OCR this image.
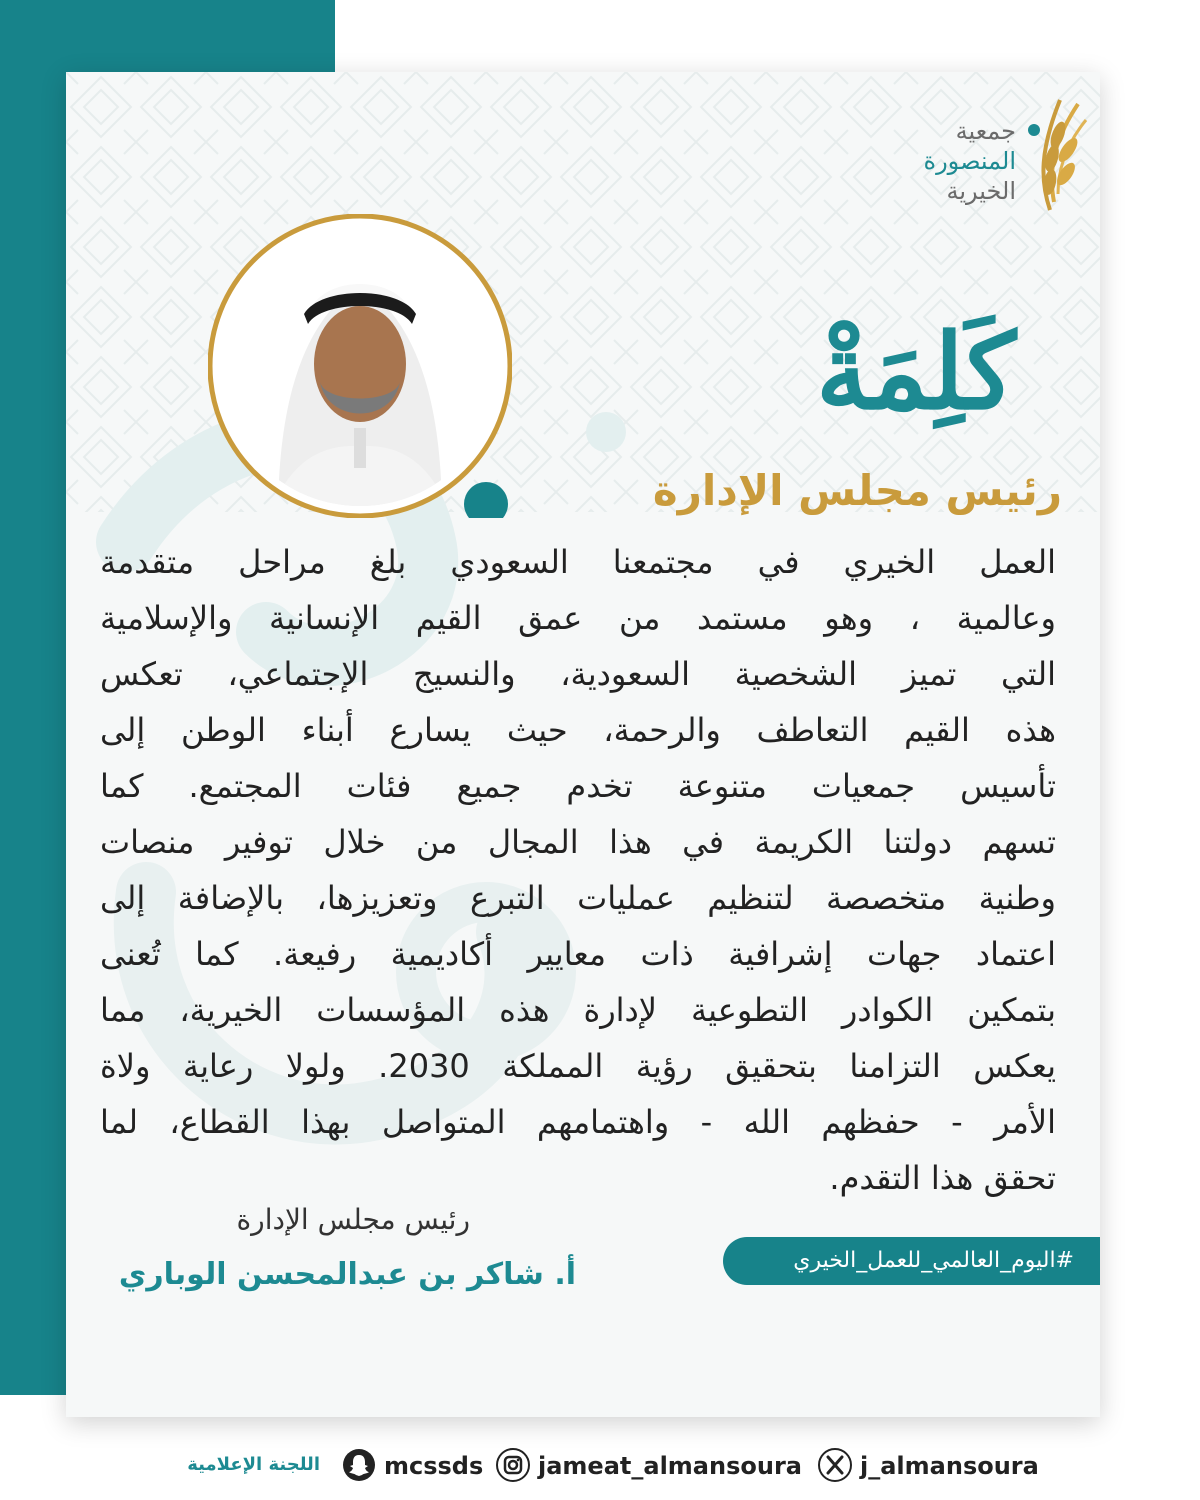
جمعية
المنصورة
الخيرية
كَلِمَةْ
رئيس مجلس الإدارة
العمل الخيري في مجتمعنا السعودي بلغ مراحل متقدمة
وعالمية ، وهو مستمد من عمق القيم الإنسانية والإسلامية
التي تميز الشخصية السعودية، والنسيج الإجتماعي، تعكس
هذه القيم التعاطف والرحمة، حيث يسارع أبناء الوطن إلى
تأسيس جمعيات متنوعة تخدم جميع فئات المجتمع. كما
تسهم دولتنا الكريمة في هذا المجال من خلال توفير منصات
وطنية متخصصة لتنظيم عمليات التبرع وتعزيزها، بالإضافة إلى
اعتماد جهات إشرافية ذات معايير أكاديمية رفيعة. كما تُعنى
بتمكين الكوادر التطوعية لإدارة هذه المؤسسات الخيرية، مما
يعكس التزامنا بتحقيق رؤية المملكة 2030. ولولا رعاية ولاة
الأمر - حفظهم الله - واهتمامهم المتواصل بهذا القطاع، لما
تحقق هذا التقدم.
رئيس مجلس الإدارة
أ. شاكر بن عبدالمحسن الوباري	#اليوم_العالمي_للعمل_الخيري
اللجنة الإعلامية	mcssds jameat_almansoura j_almansoura
